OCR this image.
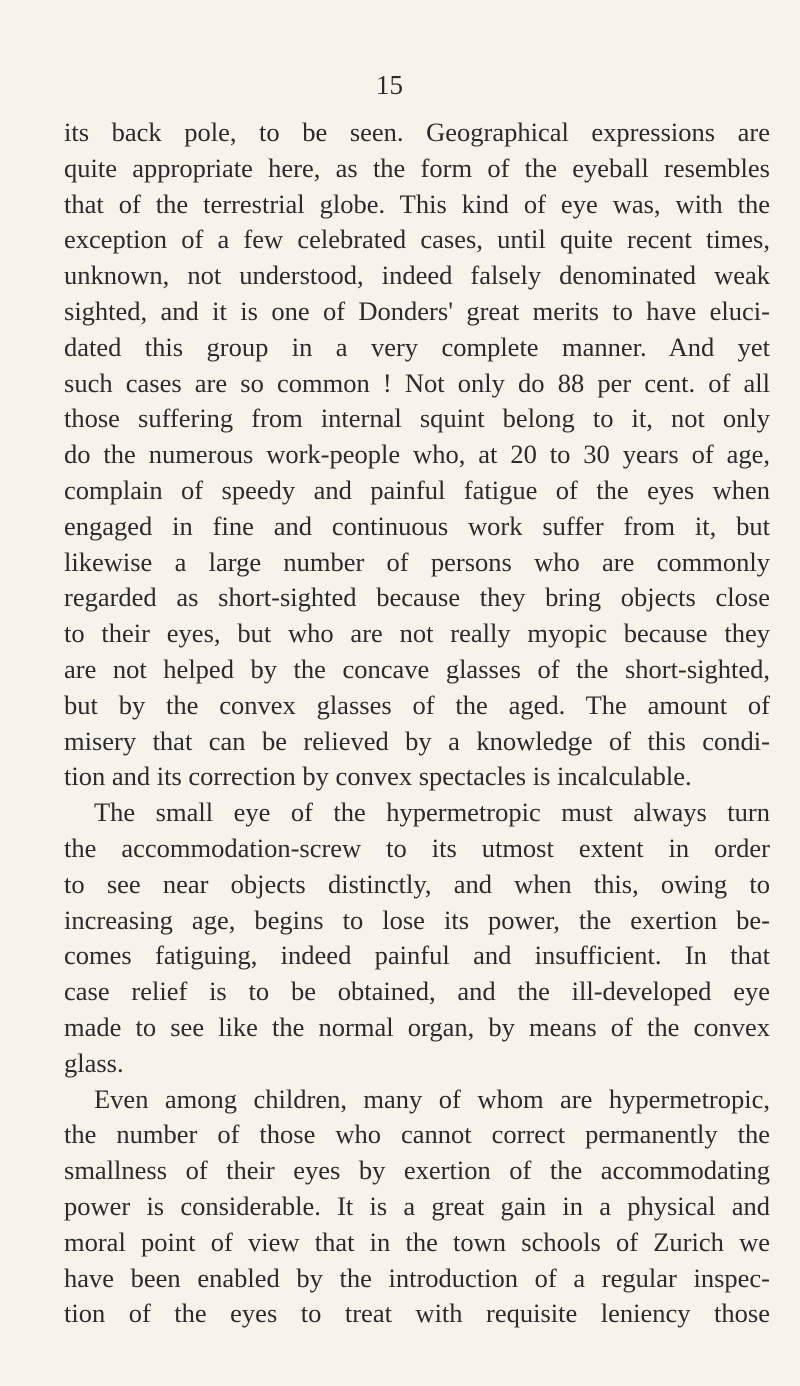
15
its back pole, to be seen. Geographical expressions are
quite appropriate here, as the form of the eyeball resembles
that of the terrestrial globe. This kind of eye was, with the
exception of a few celebrated cases, until quite recent times,
unknown, not understood, indeed falsely denominated weak
sighted, and it is one of Donders' great merits to have eluci-
dated this group in a very complete manner. And yet
such cases are so common ! Not only do 88 per cent. of all
those suffering from internal squint belong to it, not only
do the numerous work-people who, at 20 to 30 years of age,
complain of speedy and painful fatigue of the eyes when
engaged in fine and continuous work suffer from it, but
likewise a large number of persons who are commonly
regarded as short-sighted because they bring objects close
to their eyes, but who are not really myopic because they
are not helped by the concave glasses of the short-sighted,
but by the convex glasses of the aged. The amount of
misery that can be relieved by a knowledge of this condi-
tion and its correction by convex spectacles is incalculable.
The small eye of the hypermetropic must always turn
the accommodation-screw to its utmost extent in order
to see near objects distinctly, and when this, owing to
increasing age, begins to lose its power, the exertion be-
comes fatiguing, indeed painful and insufficient. In that
case relief is to be obtained, and the ill-developed eye
made to see like the normal organ, by means of the convex
glass.
Even among children, many of whom are hypermetropic,
the number of those who cannot correct permanently the
smallness of their eyes by exertion of the accommodating
power is considerable. It is a great gain in a physical and
moral point of view that in the town schools of Zurich we
have been enabled by the introduction of a regular inspec-
tion of the eyes to treat with requisite leniency those
